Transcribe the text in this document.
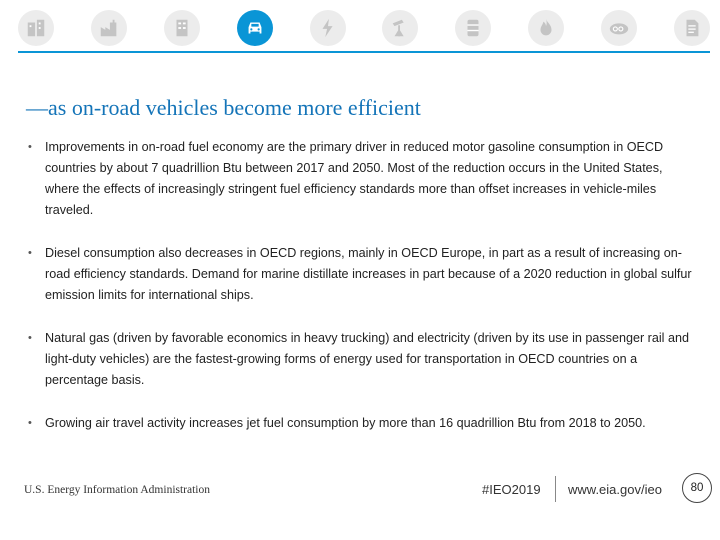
—as on-road vehicles become more efficient
• Improvements in on-road fuel economy are the primary driver in reduced motor gasoline consumption in OECD countries by about 7 quadrillion Btu between 2017 and 2050. Most of the reduction occurs in the United States, where the effects of increasingly stringent fuel efficiency standards more than offset increases in vehicle-miles traveled.
• Diesel consumption also decreases in OECD regions, mainly in OECD Europe, in part as a result of increasing on-road efficiency standards. Demand for marine distillate increases in part because of a 2020 reduction in global sulfur emission limits for international ships.
• Natural gas (driven by favorable economics in heavy trucking) and electricity (driven by its use in passenger rail and light-duty vehicles) are the fastest-growing forms of energy used for transportation in OECD countries on a percentage basis.
• Growing air travel activity increases jet fuel consumption by more than 16 quadrillion Btu from 2018 to 2050.
U.S. Energy Information Administration	#IEO2019 www.eia.gov/ieo	80
